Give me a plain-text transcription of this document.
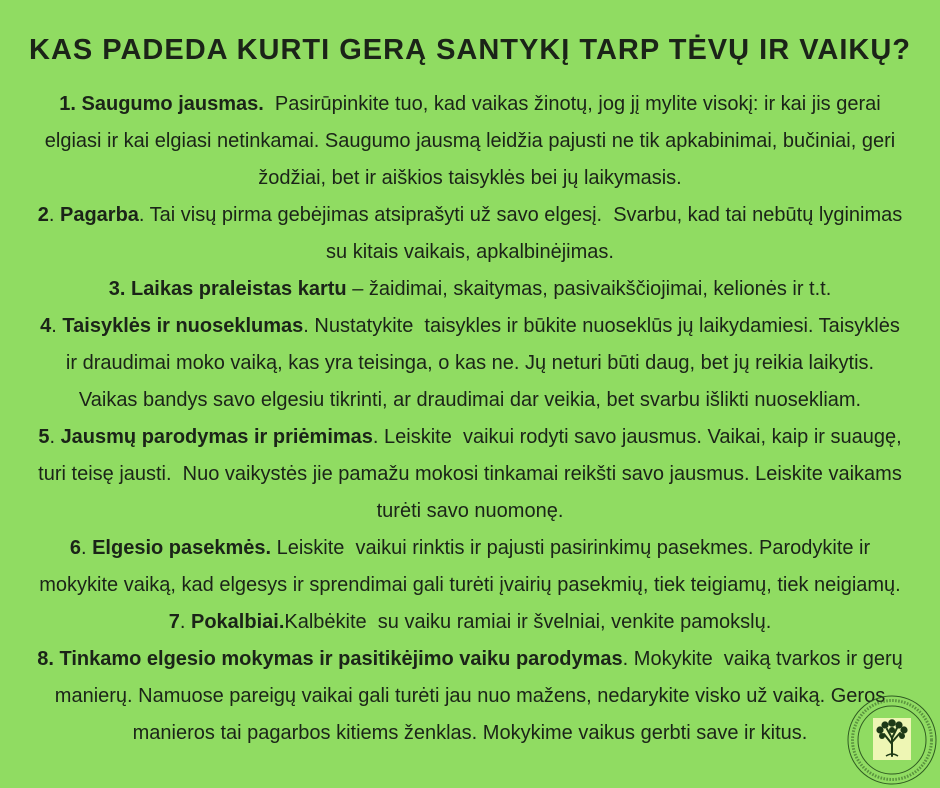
KAS PADEDA KURTI GERĄ SANTYKĮ TARP TĖVŲ IR VAIKŲ?
1. Saugumo jausmas.  Pasirūpinkite tuo, kad vaikas žinotų, jog jį mylite visokį: ir kai jis gerai
elgiasi ir kai elgiasi netinkamai. Saugumo jausmą leidžia pajusti ne tik apkabinimai, bučiniai, geri
žodžiai, bet ir aiškios taisyklės bei jų laikymasis.
2. Pagarba. Tai visų pirma gebėjimas atsiprašyti už savo elgesį.  Svarbu, kad tai nebūtų lyginimas
su kitais vaikais, apkalbinėjimas.
3. Laikas praleistas kartu – žaidimai, skaitymas, pasivaikščiojimai, kelionės ir t.t.
4. Taisyklės ir nuoseklumas. Nustatykite  taisykles ir būkite nuoseklūs jų laikydamiesi. Taisyklės
ir draudimai moko vaiką, kas yra teisinga, o kas ne. Jų neturi būti daug, bet jų reikia laikytis.
Vaikas bandys savo elgesiu tikrinti, ar draudimai dar veikia, bet svarbu išlikti nuosekliam.
5. Jausmų parodymas ir priėmimas. Leiskite  vaikui rodyti savo jausmus. Vaikai, kaip ir suaugę,
turi teisę jausti.  Nuo vaikystės jie pamažu mokosi tinkamai reikšti savo jausmus. Leiskite vaikams
turėti savo nuomonę.
6. Elgesio pasekmės. Leiskite  vaikui rinktis ir pajusti pasirinkimų pasekmes. Parodykite ir
mokykite vaiką, kad elgesys ir sprendimai gali turėti įvairių pasekmių, tiek teigiamų, tiek neigiamų.
7. Pokalbiai.Kalbėkite  su vaiku ramiai ir švelniai, venkite pamokslų.
8. Tinkamo elgesio mokymas ir pasitikėjimo vaiku parodymas. Mokykite  vaiką tvarkos ir gerų
manierų. Namuose pareigų vaikai gali turėti jau nuo mažens, nedarykite visko už vaiką. Geros
manieros tai pagarbos kitiems ženklas. Mokykime vaikus gerbti save ir kitus.
